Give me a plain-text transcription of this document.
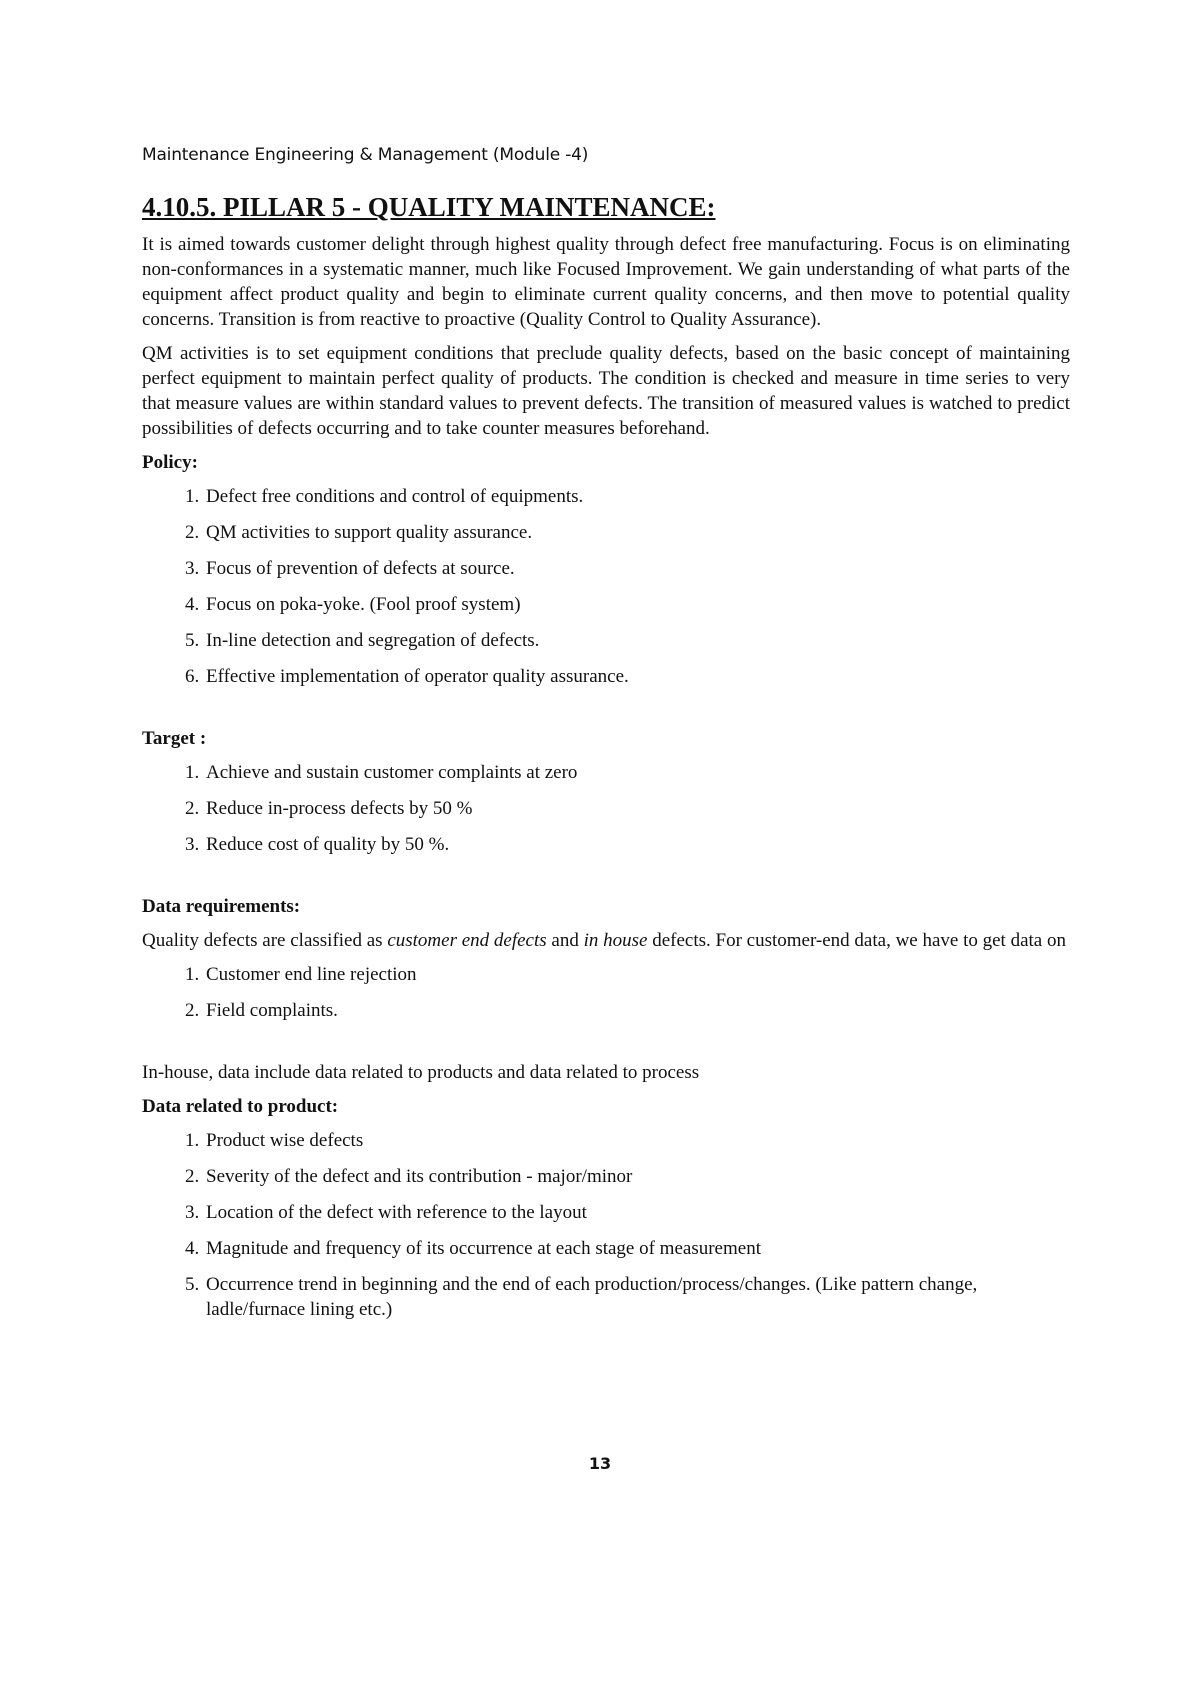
Maintenance Engineering & Management (Module -4)
4.10.5. PILLAR 5 - QUALITY MAINTENANCE:

It is aimed towards customer delight through highest quality through defect free manufacturing. Focus is on eliminating non-conformances in a systematic manner, much like Focused Improvement. We gain understanding of what parts of the equipment affect product quality and begin to eliminate current quality concerns, and then move to potential quality concerns. Transition is from reactive to proactive (Quality Control to Quality Assurance).

QM activities is to set equipment conditions that preclude quality defects, based on the basic concept of maintaining perfect equipment to maintain perfect quality of products. The condition is checked and measure in time series to very that measure values are within standard values to prevent defects. The transition of measured values is watched to predict possibilities of defects occurring and to take counter measures beforehand.

Policy:
1. Defect free conditions and control of equipments.
2. QM activities to support quality assurance.
3. Focus of prevention of defects at source.
4. Focus on poka-yoke. (Fool proof system)
5. In-line detection and segregation of defects.
6. Effective implementation of operator quality assurance.
Target :
1. Achieve and sustain customer complaints at zero
2. Reduce in-process defects by 50 %
3. Reduce cost of quality by 50 %.
Data requirements:

Quality defects are classified as customer end defects and in house defects. For customer-end data, we have to get data on

1. Customer end line rejection
2. Field complaints.

In-house, data include data related to products and data related to process

Data related to product:
1. Product wise defects
2. Severity of the defect and its contribution - major/minor
3. Location of the defect with reference to the layout
4. Magnitude and frequency of its occurrence at each stage of measurement
5. Occurrence trend in beginning and the end of each production/process/changes. (Like pattern change, ladle/furnace lining etc.)
13
